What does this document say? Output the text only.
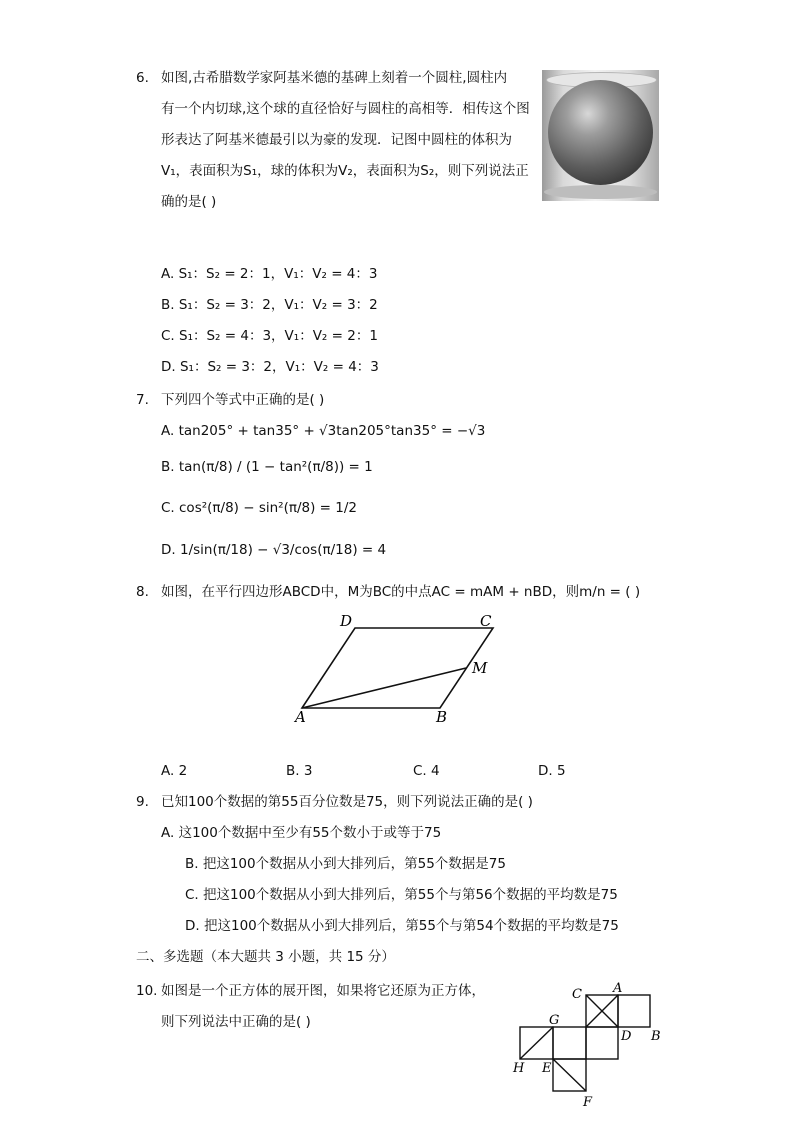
6. 如图,古希腊数学家阿基米德的基碑上刻着一个圆柱,圆柱内
有一个内切球,这个球的直径恰好与圆柱的高相等．相传这个图
形表达了阿基米德最引以为豪的发现．记图中圆柱的体积为
V₁，表面积为S₁，球的体积为V₂，表面积为S₂，则下列说法正
确的是( )
A. S₁：S₂ = 2：1，V₁：V₂ = 4：3
B. S₁：S₂ = 3：2，V₁：V₂ = 3：2
C. S₁：S₂ = 4：3，V₁：V₂ = 2：1
D. S₁：S₂ = 3：2，V₁：V₂ = 4：3
7. 下列四个等式中正确的是( )
A. tan205° + tan35° + √3tan205°tan35° = −√3
B. tan(π/8) / (1 − tan²(π/8)) = 1
C. cos²(π/8) − sin²(π/8) = 1/2
D. 1/sin(π/18) − √3/cos(π/18) = 4
8. 如图，在平行四边形ABCD中，M为BC的中点AC = mAM + nBD，则m/n = ( )
D	C
M
A	B
A. 2	B. 3	C. 4	D. 5
9. 已知100个数据的第55百分位数是75，则下列说法正确的是( )
A. 这100个数据中至少有55个数小于或等于75
B. 把这100个数据从小到大排列后，第55个数据是75
C. 把这100个数据从小到大排列后，第55个与第56个数据的平均数是75
D. 把这100个数据从小到大排列后，第55个与第54个数据的平均数是75
二、多选题（本大题共 3 小题，共 15 分）
10. 如图是一个正方体的展开图，如果将它还原为正方体，
则下列说法中正确的是( )
C A
G
D B
H E
F
